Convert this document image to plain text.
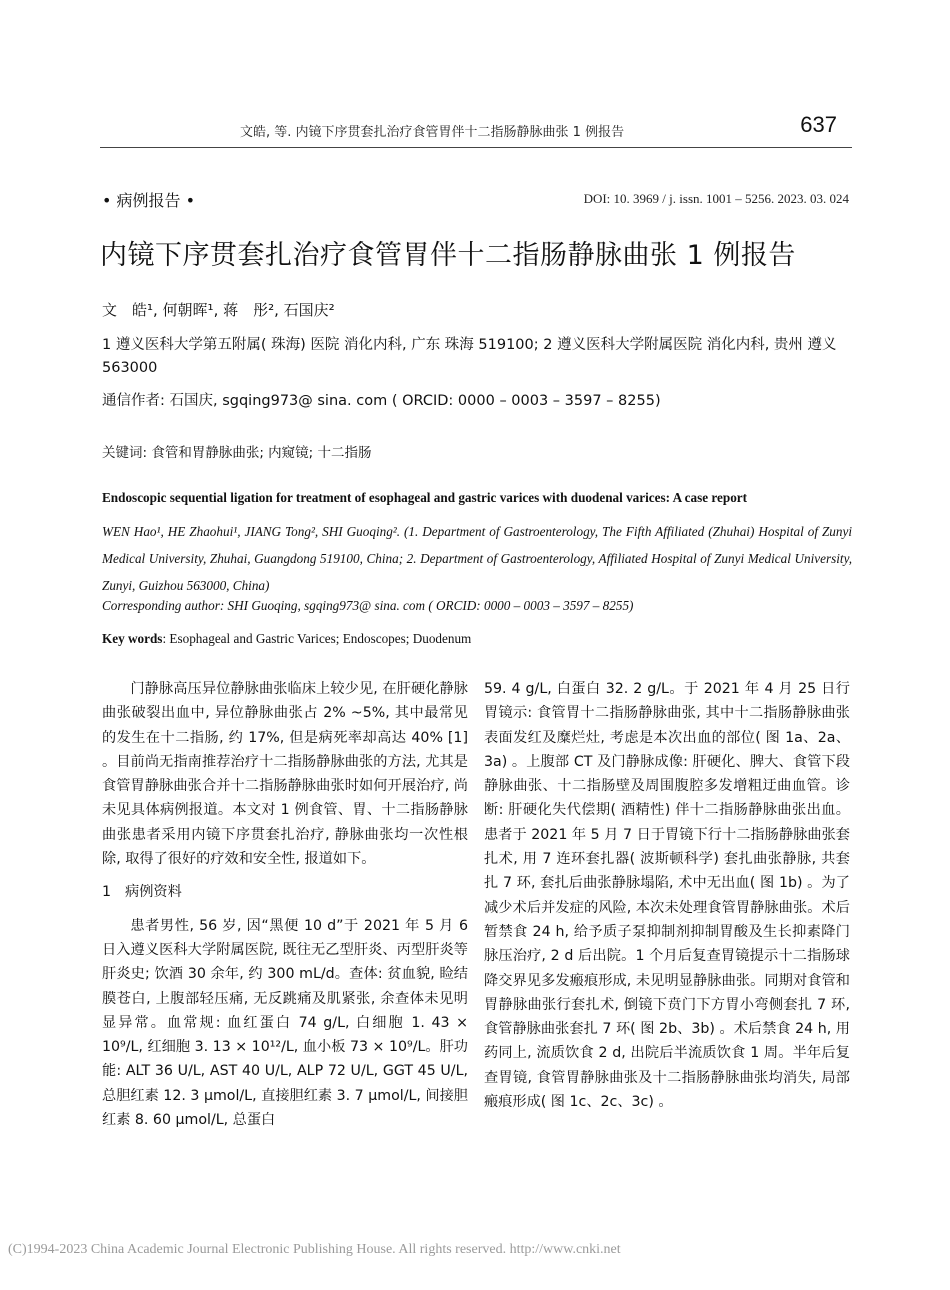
文皓, 等. 内镜下序贯套扎治疗食管胃伴十二指肠静脉曲张 1 例报告	637
• 病例报告 •	DOI: 10. 3969 / j. issn. 1001 – 5256. 2023. 03. 024
内镜下序贯套扎治疗食管胃伴十二指肠静脉曲张 1 例报告
文　皓¹, 何朝晖¹, 蒋　彤², 石国庆²
1 遵义医科大学第五附属( 珠海) 医院 消化内科, 广东 珠海 519100; 2 遵义医科大学附属医院 消化内科, 贵州 遵义 563000
通信作者: 石国庆, sgqing973@ sina. com ( ORCID: 0000 – 0003 – 3597 – 8255)
关键词: 食管和胃静脉曲张; 内窥镜; 十二指肠
Endoscopic sequential ligation for treatment of esophageal and gastric varices with duodenal varices: A case report
WEN Hao¹, HE Zhaohui¹, JIANG Tong², SHI Guoqing². (1. Department of Gastroenterology, The Fifth Affiliated (Zhuhai) Hospital of Zunyi Medical University, Zhuhai, Guangdong 519100, China; 2. Department of Gastroenterology, Affiliated Hospital of Zunyi Medical University, Zunyi, Guizhou 563000, China)
Corresponding author: SHI Guoqing, sgqing973@ sina. com ( ORCID: 0000 – 0003 – 3597 – 8255)
Key words: Esophageal and Gastric Varices; Endoscopes; Duodenum

门静脉高压异位静脉曲张临床上较少见, 在肝硬化静脉曲张破裂出血中, 异位静脉曲张占 2% ~5%, 其中最常见的发生在十二指肠, 约 17%, 但是病死率却高达 40% [1] 。目前尚无指南推荐治疗十二指肠静脉曲张的方法, 尤其是食管胃静脉曲张合并十二指肠静脉曲张时如何开展治疗, 尚未见具体病例报道。本文对 1 例食管、胃、十二指肠静脉曲张患者采用内镜下序贯套扎治疗, 静脉曲张均一次性根除, 取得了很好的疗效和安全性, 报道如下。

1 病例资料

患者男性, 56 岁, 因“黑便 10 d”于 2021 年 5 月 6 日入遵义医科大学附属医院, 既往无乙型肝炎、丙型肝炎等肝炎史; 饮酒 30 余年, 约 300 mL/d。查体: 贫血貌, 睑结膜苍白, 上腹部轻压痛, 无反跳痛及肌紧张, 余查体未见明显异常。血常规: 血红蛋白 74 g/L, 白细胞 1. 43 × 10⁹/L, 红细胞 3. 13 × 10¹²/L, 血小板 73 × 10⁹/L。肝功能: ALT 36 U/L, AST 40 U/L, ALP 72 U/L, GGT 45 U/L, 总胆红素 12. 3 μmol/L, 直接胆红素 3. 7 μmol/L, 间接胆红素 8. 60 μmol/L, 总蛋白

59. 4 g/L, 白蛋白 32. 2 g/L。于 2021 年 4 月 25 日行胃镜示: 食管胃十二指肠静脉曲张, 其中十二指肠静脉曲张表面发红及糜烂灶, 考虑是本次出血的部位( 图 1a、2a、3a) 。上腹部 CT 及门静脉成像: 肝硬化、脾大、食管下段静脉曲张、十二指肠壁及周围腹腔多发增粗迂曲血管。诊断: 肝硬化失代偿期( 酒精性) 伴十二指肠静脉曲张出血。患者于 2021 年 5 月 7 日于胃镜下行十二指肠静脉曲张套扎术, 用 7 连环套扎器( 波斯顿科学) 套扎曲张静脉, 共套扎 7 环, 套扎后曲张静脉塌陷, 术中无出血( 图 1b) 。为了减少术后并发症的风险, 本次未处理食管胃静脉曲张。术后暂禁食 24 h, 给予质子泵抑制剂抑制胃酸及生长抑素降门脉压治疗, 2 d 后出院。1 个月后复查胃镜提示十二指肠球降交界见多发瘢痕形成, 未见明显静脉曲张。同期对食管和胃静脉曲张行套扎术, 倒镜下贲门下方胃小弯侧套扎 7 环, 食管静脉曲张套扎 7 环( 图 2b、3b) 。术后禁食 24 h, 用药同上, 流质饮食 2 d, 出院后半流质饮食 1 周。半年后复查胃镜, 食管胃静脉曲张及十二指肠静脉曲张均消失, 局部瘢痕形成( 图 1c、2c、3c) 。

(C)1994-2023 China Academic Journal Electronic Publishing House. All rights reserved. http://www.cnki.net
